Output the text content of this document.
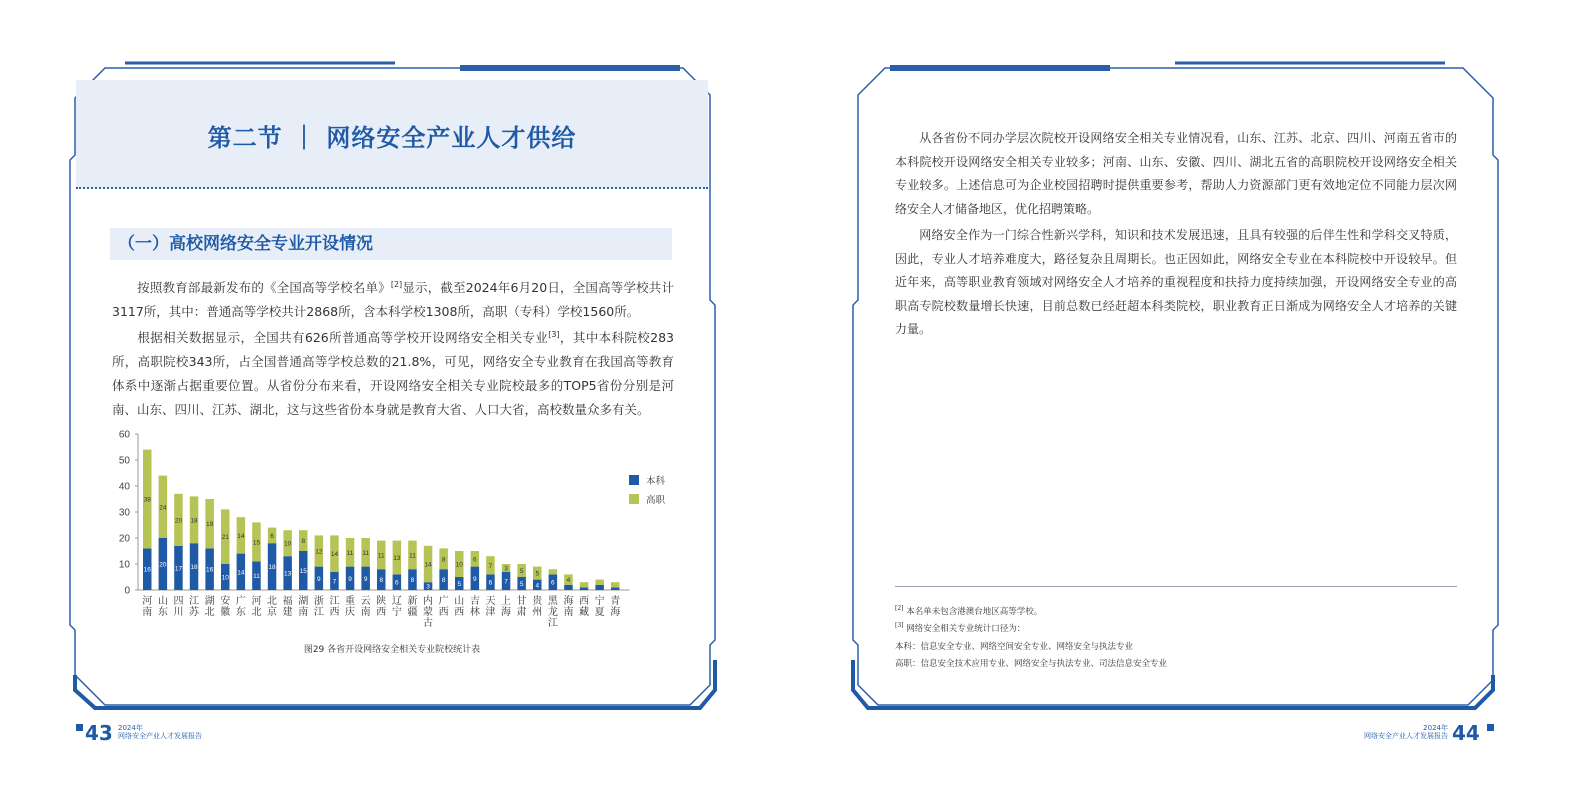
第二节 ｜ 网络安全产业人才供给
（一）高校网络安全专业开设情况

  按照教育部最新发布的《全国高等学校名单》[2]显示，截至2024年6月20日，全国高等学校共计3117所，其中：普通高等学校共计2868所，含本科学校1308所，高职（专科）学校1560所。

  根据相关数据显示，全国共有626所普通高等学校开设网络安全相关专业[3]，其中本科院校283所，高职院校343所，占全国普通高等学校总数的21.8%，可见，网络安全专业教育在我国高等教育体系中逐渐占据重要位置。从省份分布来看，开设网络安全相关专业院校最多的TOP5省份分别是河南、山东、四川、江苏、湖北，这与这些省份本身就是教育大省、人口大省，高校数量众多有关。

0
10
20
30
40
50
60
16
38
河
南
20
24
山
东
17
20
四
川
18
18
江
苏
16
19
湖
北
10
21
安
徽
14
14
广
东
11
15
河
北
18
6
北
京
13
10
福
建
15
8
湖
南
9
12
浙
江
7
14
江
西
9
11
重
庆
9
11
云
南
8
11
陕
西
6
13
辽
宁
8
11
新
疆
3
14
内
蒙
古
8
8
广
西
5
10
山
西
9
6
吉
林
6
7
天
津
7
3
上
海
5
5
甘
肃
4
5
贵
州
6
黑
龙
江
4
海
南
西
藏
宁
夏
青
海
本科
高职
图29 各省开设网络安全相关专业院校统计表
43 2024年
网络安全产业人才发展报告

  从各省份不同办学层次院校开设网络安全相关专业情况看，山东、江苏、北京、四川、河南五省市的本科院校开设网络安全相关专业较多；河南、山东、安徽、四川、湖北五省的高职院校开设网络安全相关专业较多。上述信息可为企业校园招聘时提供重要参考，帮助人力资源部门更有效地定位不同能力层次网络安全人才储备地区，优化招聘策略。

  网络安全作为一门综合性新兴学科，知识和技术发展迅速，且具有较强的后伴生性和学科交叉特质，因此，专业人才培养难度大，路径复杂且周期长。也正因如此，网络安全专业在本科院校中开设较早。但近年来，高等职业教育领域对网络安全人才培养的重视程度和扶持力度持续加强，开设网络安全专业的高职高专院校数量增长快速，目前总数已经赶超本科类院校，职业教育正日渐成为网络安全人才培养的关键力量。

[2] 本名单未包含港澳台地区高等学校。
[3] 网络安全相关专业统计口径为：
本科：信息安全专业、网络空间安全专业、网络安全与执法专业
高职：信息安全技术应用专业、网络安全与执法专业、司法信息安全专业
2024年
网络安全产业人才发展报告 44
